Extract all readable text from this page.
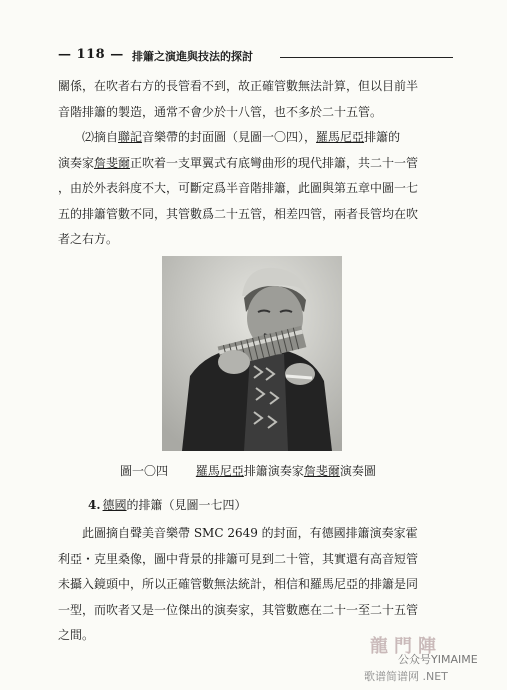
— 118 — 排簫之演進與技法的探討
關係，在吹者右方的長管看不到，故正確管數無法計算，但以目前半
音階排簫的製造，通常不會少於十八管，也不多於二十五管。
⑵摘自聯記音樂帶的封面圖（見圖一〇四），羅馬尼亞排簫的
演奏家詹斐爾正吹着一支單翼式有底彎曲形的現代排簫，共二十一管
，由於外表斜度不大，可斷定爲半音階排簫，此圖與第五章中圖一七
五的排簫管數不同，其管數爲二十五管，相差四管，兩者長管均在吹
者之右方。
圖一〇四 羅馬尼亞排簫演奏家詹斐爾演奏圖
4. 德國的排簫（見圖一七四）
此圖摘自聲美音樂帶 SMC 2649 的封面，有德國排簫演奏家霍
利亞・克里桑像，圖中背景的排簫可見到二十管，其實還有高音短管
未攝入鏡頭中，所以正確管數無法統計，相信和羅馬尼亞的排簫是同
一型，而吹者又是一位傑出的演奏家，其管數應在二十一至二十五管
之間。
龍門陣
公众号YIMAIME
歌谱简谱网 .NET
